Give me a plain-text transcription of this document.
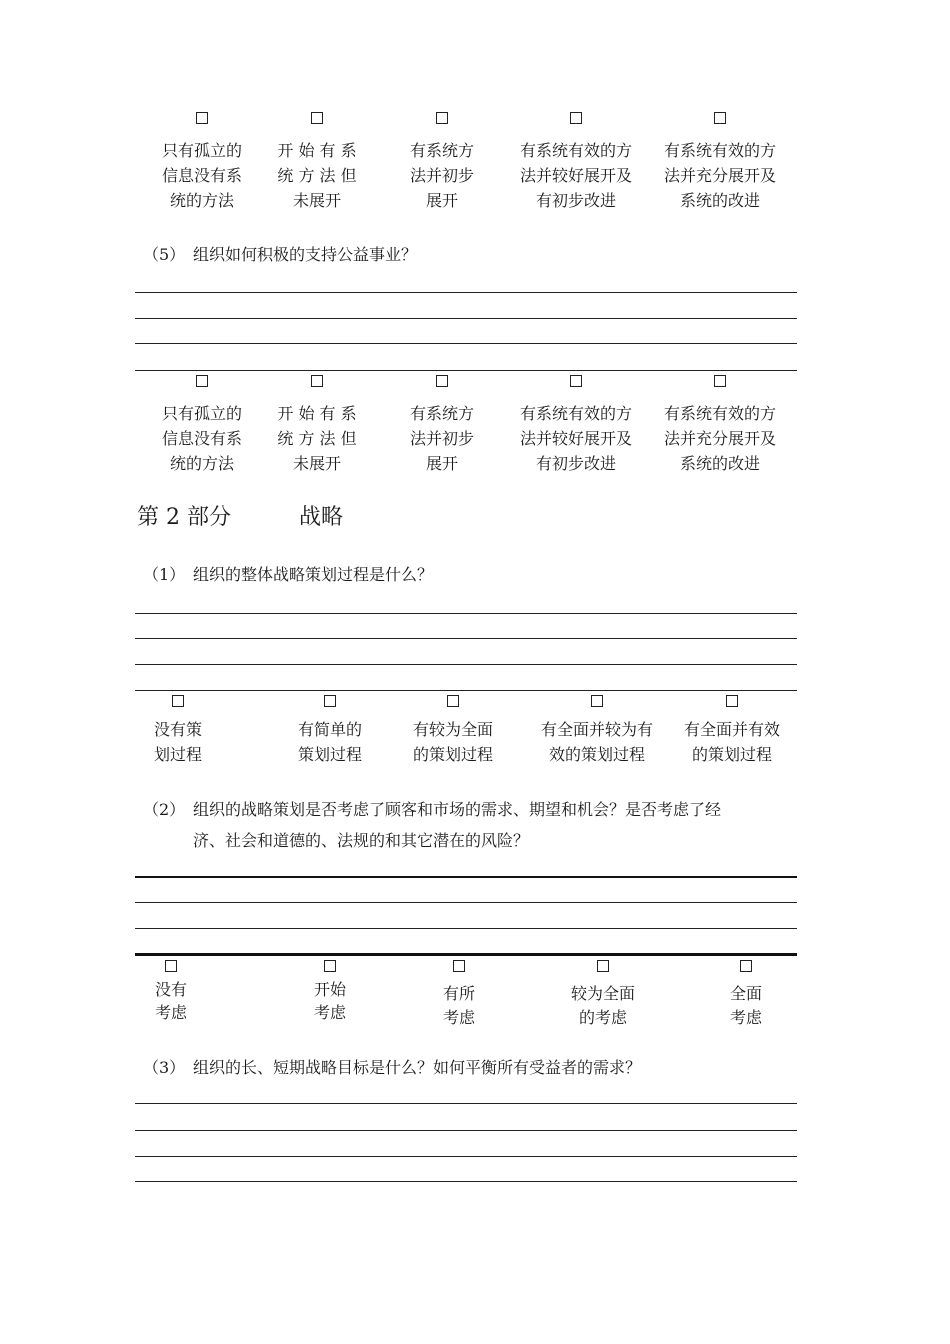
只有孤立的
信息没有系
统的方法
开 始 有 系
统 方 法 但
未展开
有系统方
法并初步
展开
有系统有效的方
法并较好展开及
有初步改进
有系统有效的方
法并充分展开及
系统的改进
（5） 组织如何积极的支持公益事业？
只有孤立的
信息没有系
统的方法
开 始 有 系
统 方 法 但
未展开
有系统方
法并初步
展开
有系统有效的方
法并较好展开及
有初步改进
有系统有效的方
法并充分展开及
系统的改进
第 2 部分	战略
（1） 组织的整体战略策划过程是什么？
没有策
划过程
有简单的
策划过程
有较为全面
的策划过程
有全面并较为有
效的策划过程
有全面并有效
的策划过程
（2） 组织的战略策划是否考虑了顾客和市场的需求、期望和机会？是否考虑了经
济、社会和道德的、法规的和其它潜在的风险？
没有
考虑
开始
考虑
有所
考虑
较为全面
的考虑
全面
考虑
（3） 组织的长、短期战略目标是什么？如何平衡所有受益者的需求？
